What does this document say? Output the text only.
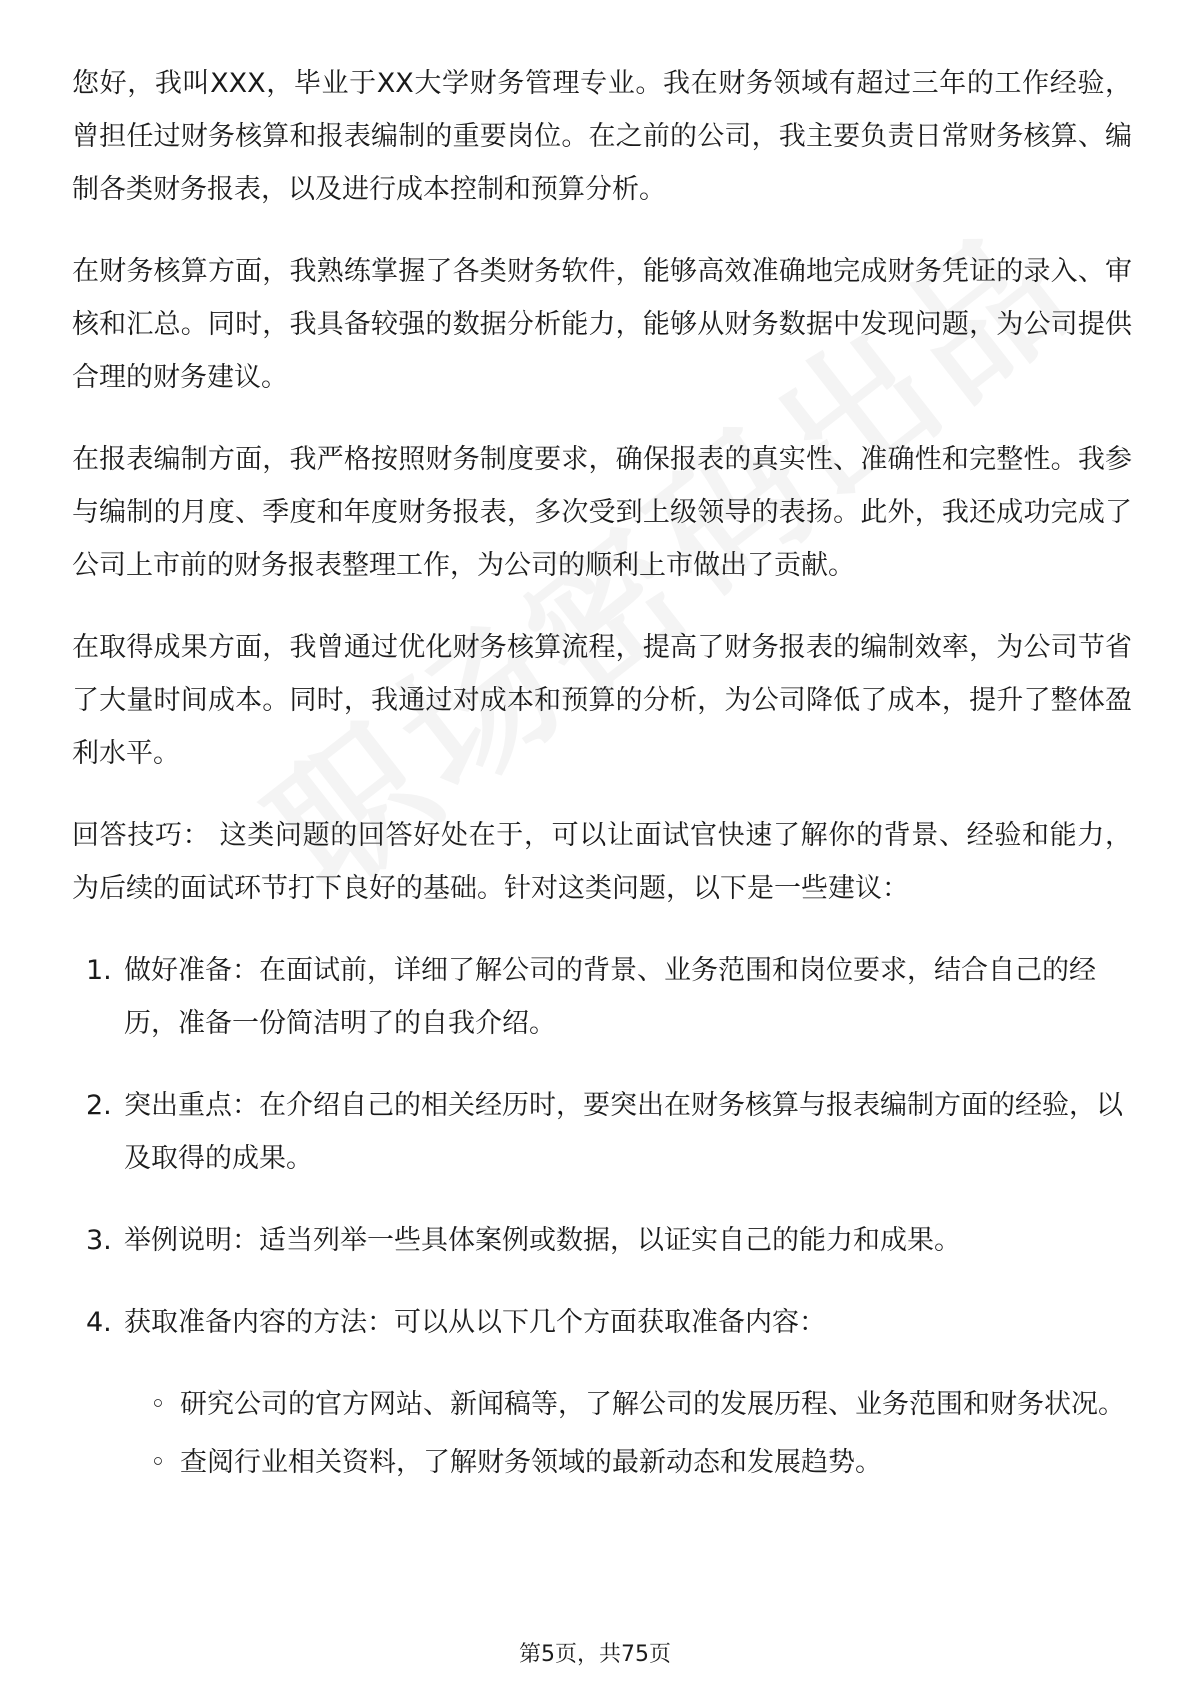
您好，我叫XXX，毕业于XX大学财务管理专业。我在财务领域有超过三年的工作经验，曾担任过财务核算和报表编制的重要岗位。在之前的公司，我主要负责日常财务核算、编制各类财务报表，以及进行成本控制和预算分析。

在财务核算方面，我熟练掌握了各类财务软件，能够高效准确地完成财务凭证的录入、审核和汇总。同时，我具备较强的数据分析能力，能够从财务数据中发现问题，为公司提供合理的财务建议。

在报表编制方面，我严格按照财务制度要求，确保报表的真实性、准确性和完整性。我参与编制的月度、季度和年度财务报表，多次受到上级领导的表扬。此外，我还成功完成了公司上市前的财务报表整理工作，为公司的顺利上市做出了贡献。

在取得成果方面，我曾通过优化财务核算流程，提高了财务报表的编制效率，为公司节省了大量时间成本。同时，我通过对成本和预算的分析，为公司降低了成本，提升了整体盈利水平。

回答技巧： 这类问题的回答好处在于，可以让面试官快速了解你的背景、经验和能力，为后续的面试环节打下良好的基础。针对这类问题，以下是一些建议：

1. 做好准备：在面试前，详细了解公司的背景、业务范围和岗位要求，结合自己的经历，准备一份简洁明了的自我介绍。
2. 突出重点：在介绍自己的相关经历时，要突出在财务核算与报表编制方面的经验，以及取得的成果。
3. 举例说明：适当列举一些具体案例或数据，以证实自己的能力和成果。
4. 获取准备内容的方法：可以从以下几个方面获取准备内容：
◦ 研究公司的官方网站、新闻稿等，了解公司的发展历程、业务范围和财务状况。
◦ 查阅行业相关资料，了解财务领域的最新动态和发展趋势。
第5页，共75页
